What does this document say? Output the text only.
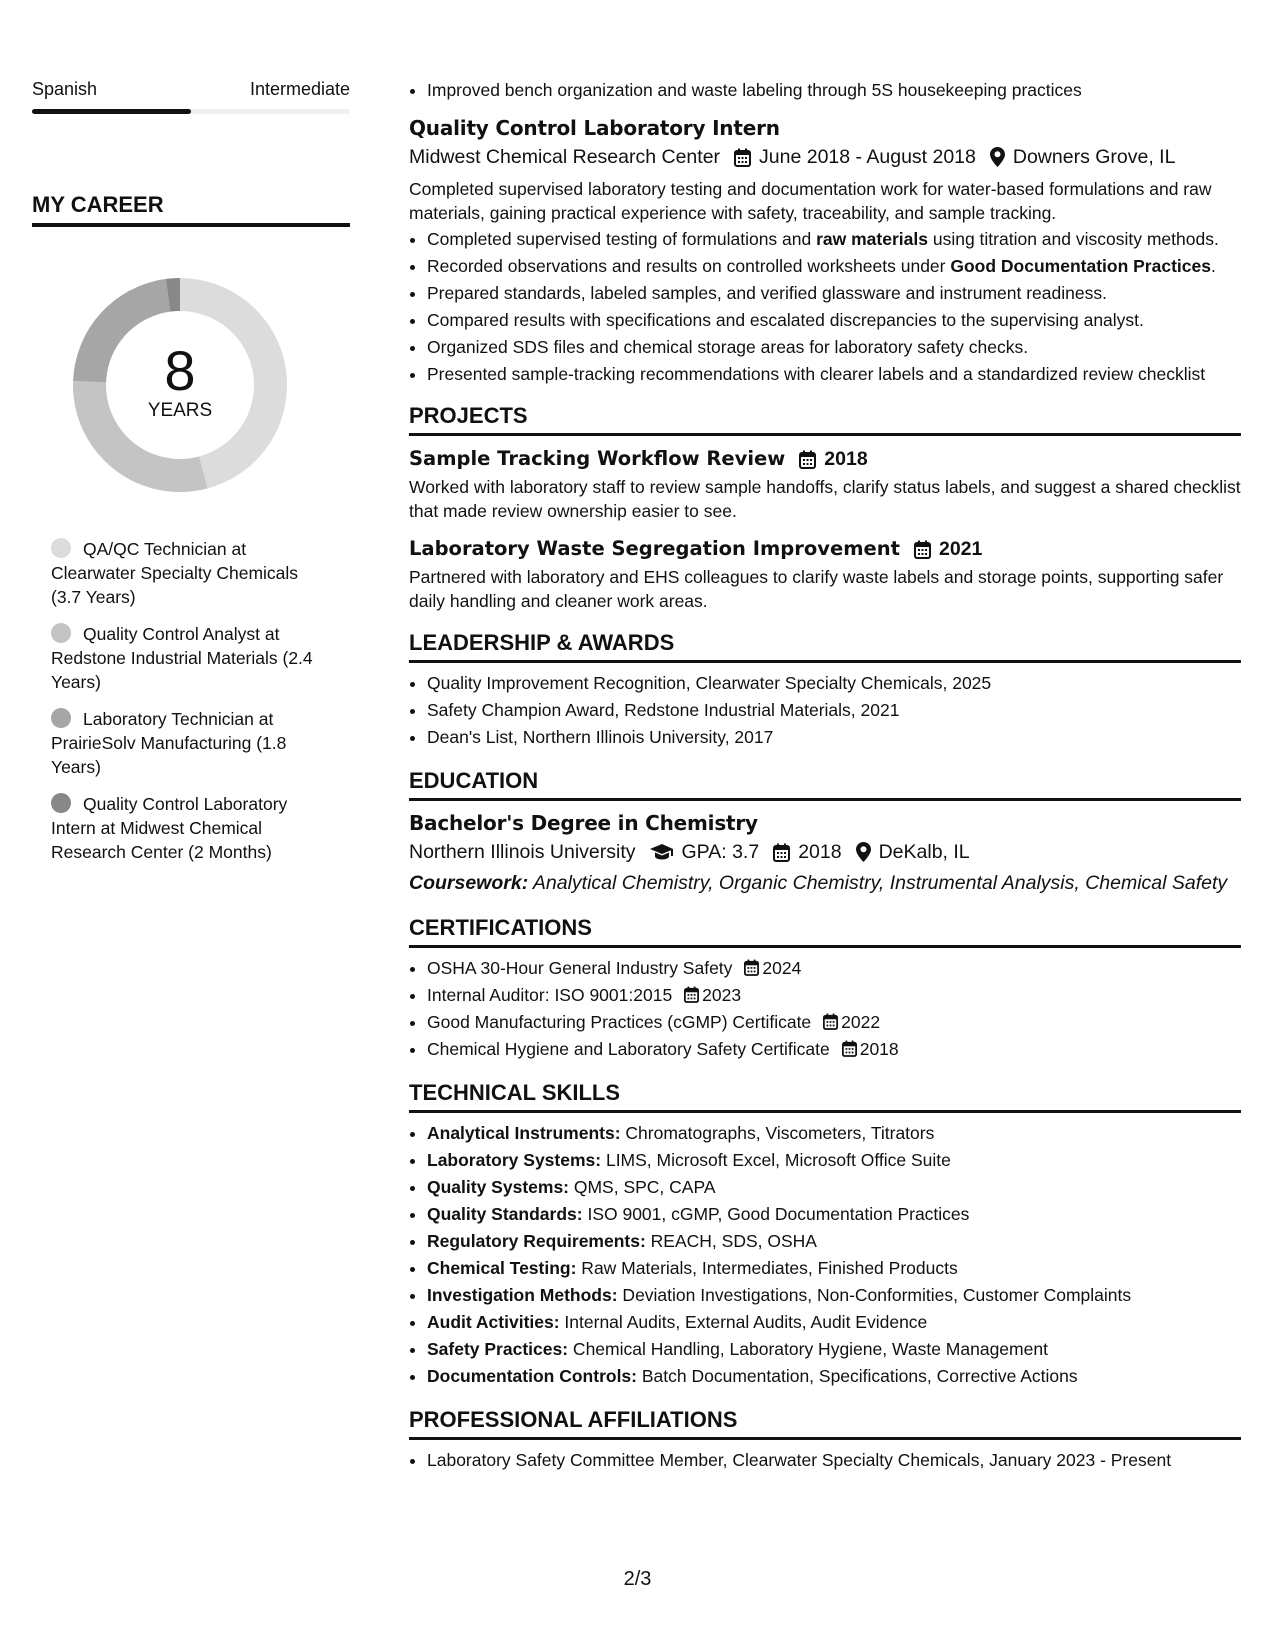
Spanish	Intermediate
MY CAREER
8
YEARS
QA/QC Technician at Clearwater Specialty Chemicals (3.7 Years)
Quality Control Analyst at Redstone Industrial Materials (2.4 Years)
Laboratory Technician at PrairieSolv Manufacturing (1.8 Years)
Quality Control Laboratory Intern at Midwest Chemical Research Center (2 Months)
• Improved bench organization and waste labeling through 5S housekeeping practices
Quality Control Laboratory Intern
Midwest Chemical Research Center June 2018 - August 2018 Downers Grove, IL
Completed supervised laboratory testing and documentation work for water-based formulations and raw materials, gaining practical experience with safety, traceability, and sample tracking.
• Completed supervised testing of formulations and raw materials using titration and viscosity methods.
• Recorded observations and results on controlled worksheets under Good Documentation Practices.
• Prepared standards, labeled samples, and verified glassware and instrument readiness.
• Compared results with specifications and escalated discrepancies to the supervising analyst.
• Organized SDS files and chemical storage areas for laboratory safety checks.
• Presented sample-tracking recommendations with clearer labels and a standardized review checklist
PROJECTS
Sample Tracking Workflow Review 2018
Worked with laboratory staff to review sample handoffs, clarify status labels, and suggest a shared checklist that made review ownership easier to see.
Laboratory Waste Segregation Improvement 2021
Partnered with laboratory and EHS colleagues to clarify waste labels and storage points, supporting safer daily handling and cleaner work areas.
LEADERSHIP & AWARDS
• Quality Improvement Recognition, Clearwater Specialty Chemicals, 2025
• Safety Champion Award, Redstone Industrial Materials, 2021
• Dean's List, Northern Illinois University, 2017
EDUCATION
Bachelor's Degree in Chemistry
Northern Illinois University GPA: 3.7 2018 DeKalb, IL
Coursework: Analytical Chemistry, Organic Chemistry, Instrumental Analysis, Chemical Safety
CERTIFICATIONS
• OSHA 30-Hour General Industry Safety 2024
• Internal Auditor: ISO 9001:2015 2023
• Good Manufacturing Practices (cGMP) Certificate 2022
• Chemical Hygiene and Laboratory Safety Certificate 2018
TECHNICAL SKILLS
• Analytical Instruments: Chromatographs, Viscometers, Titrators
• Laboratory Systems: LIMS, Microsoft Excel, Microsoft Office Suite
• Quality Systems: QMS, SPC, CAPA
• Quality Standards: ISO 9001, cGMP, Good Documentation Practices
• Regulatory Requirements: REACH, SDS, OSHA
• Chemical Testing: Raw Materials, Intermediates, Finished Products
• Investigation Methods: Deviation Investigations, Non-Conformities, Customer Complaints
• Audit Activities: Internal Audits, External Audits, Audit Evidence
• Safety Practices: Chemical Handling, Laboratory Hygiene, Waste Management
• Documentation Controls: Batch Documentation, Specifications, Corrective Actions
PROFESSIONAL AFFILIATIONS
• Laboratory Safety Committee Member, Clearwater Specialty Chemicals, January 2023 - Present
2/3
